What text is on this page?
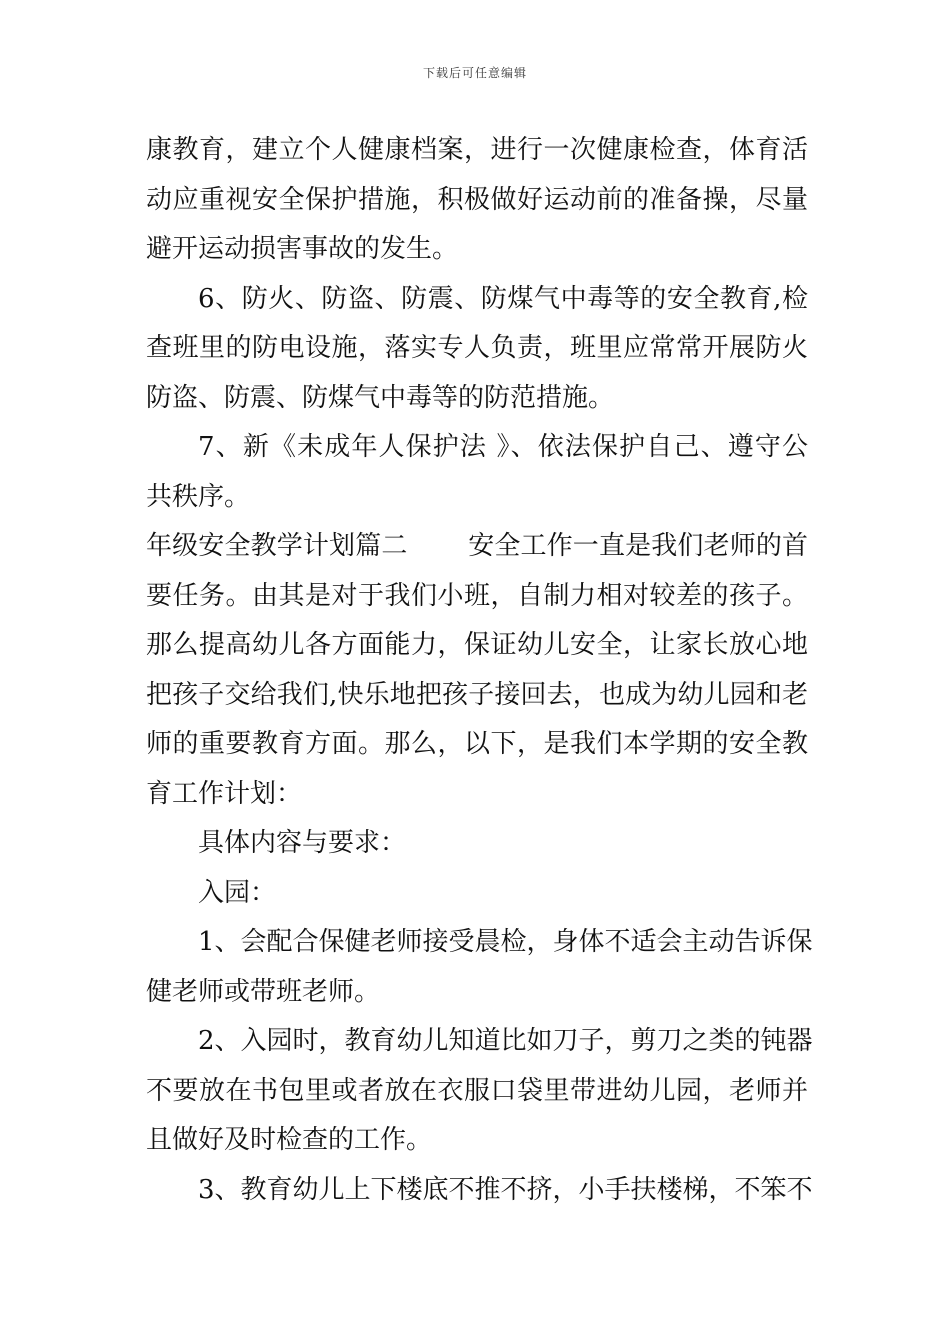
下载后可任意编辑
康教育，建立个人健康档案，进行一次健康检查，体育活
动应重视安全保护措施，积极做好运动前的准备操，尽量
避开运动损害事故的发生。
6、防火、防盗、防震、防煤气中毒等的安全教育,检
查班里的防电设施，落实专人负责，班里应常常开展防火
防盗、防震、防煤气中毒等的防范措施。
7、新《未成年人保护法 》、依法保护自己、遵守公
共秩序。
年级安全教学计划篇二　　 安全工作一直是我们老师的首
要任务。由其是对于我们小班，自制力相对较差的孩子。
那么提高幼儿各方面能力，保证幼儿安全，让家长放心地
把孩子交给我们,快乐地把孩子接回去，也成为幼儿园和老
师的重要教育方面。那么，以下，是我们本学期的安全教
育工作计划：
具体内容与要求：
入园：
1、会配合保健老师接受晨检，身体不适会主动告诉保
健老师或带班老师。
2、入园时，教育幼儿知道比如刀子，剪刀之类的钝器
不要放在书包里或者放在衣服口袋里带进幼儿园，老师并
且做好及时检查的工作。
3、教育幼儿上下楼底不推不挤，小手扶楼梯，不笨不
